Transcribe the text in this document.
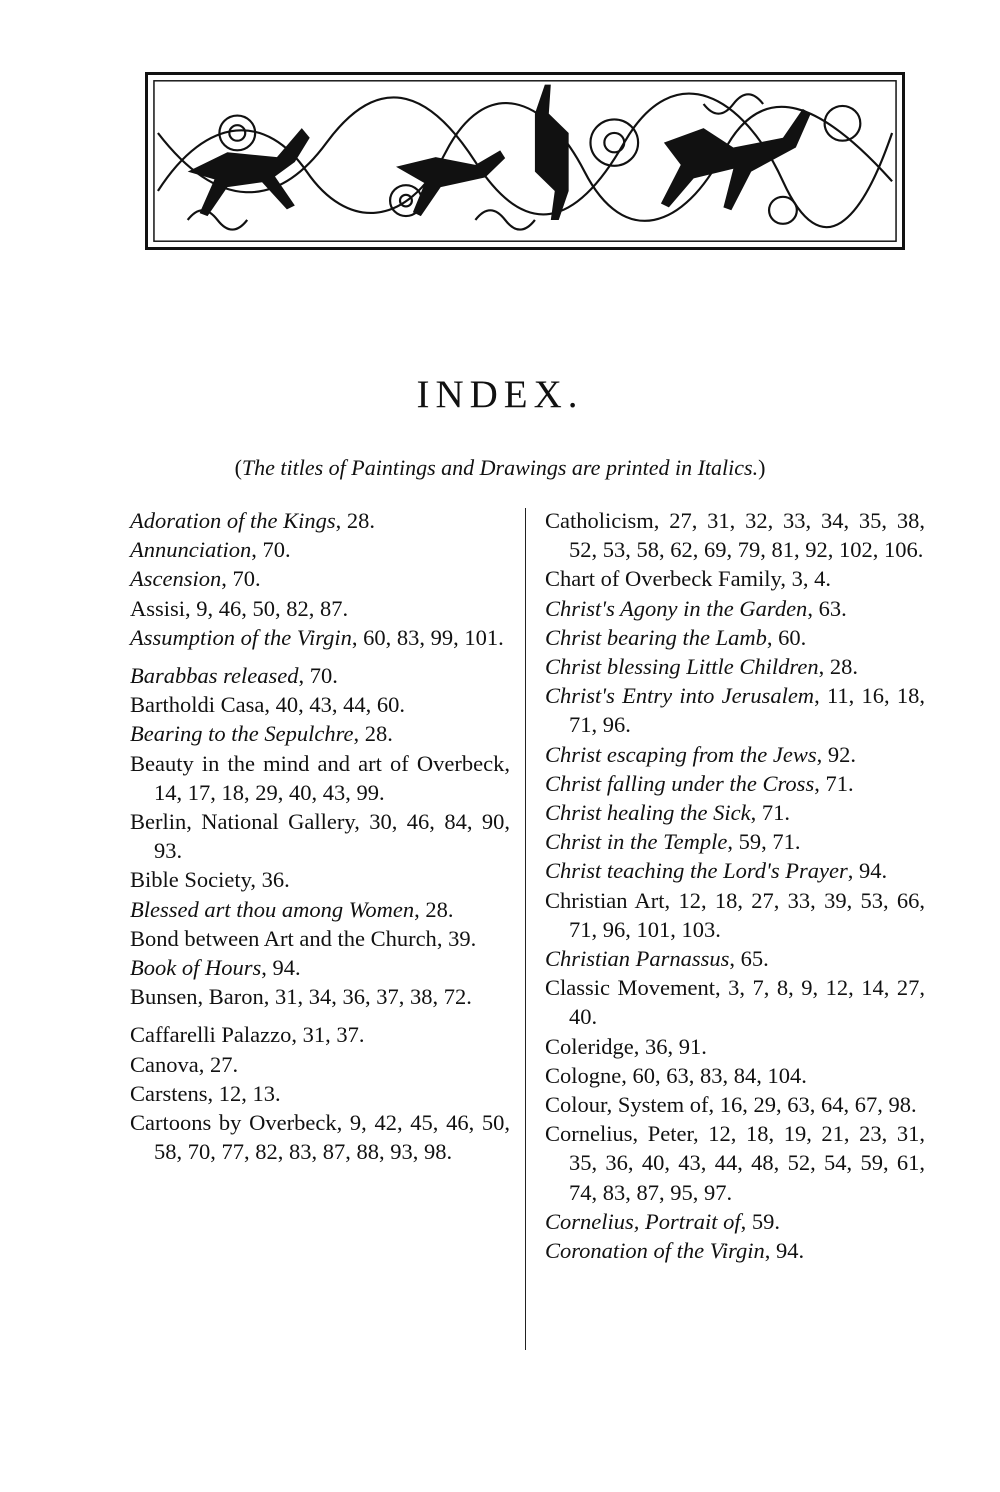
INDEX.
(The titles of Paintings and Drawings are printed in Italics.)
Adoration of the Kings, 28.
Annunciation, 70.
Ascension, 70.
Assisi, 9, 46, 50, 82, 87.
Assumption of the Virgin, 60, 83, 99, 101.
Barabbas released, 70.
Bartholdi Casa, 40, 43, 44, 60.
Bearing to the Sepulchre, 28.
Beauty in the mind and art of Overbeck, 14, 17, 18, 29, 40, 43, 99.
Berlin, National Gallery, 30, 46, 84, 90, 93.
Bible Society, 36.
Blessed art thou among Women, 28.
Bond between Art and the Church, 39.
Book of Hours, 94.
Bunsen, Baron, 31, 34, 36, 37, 38, 72.
Caffarelli Palazzo, 31, 37.
Canova, 27.
Carstens, 12, 13.
Cartoons by Overbeck, 9, 42, 45, 46, 50, 58, 70, 77, 82, 83, 87, 88, 93, 98.
Catholicism, 27, 31, 32, 33, 34, 35, 38, 52, 53, 58, 62, 69, 79, 81, 92, 102, 106.
Chart of Overbeck Family, 3, 4.
Christ's Agony in the Garden, 63.
Christ bearing the Lamb, 60.
Christ blessing Little Children, 28.
Christ's Entry into Jerusalem, 11, 16, 18, 71, 96.
Christ escaping from the Jews, 92.
Christ falling under the Cross, 71.
Christ healing the Sick, 71.
Christ in the Temple, 59, 71.
Christ teaching the Lord's Prayer, 94.
Christian Art, 12, 18, 27, 33, 39, 53, 66, 71, 96, 101, 103.
Christian Parnassus, 65.
Classic Movement, 3, 7, 8, 9, 12, 14, 27, 40.
Coleridge, 36, 91.
Cologne, 60, 63, 83, 84, 104.
Colour, System of, 16, 29, 63, 64, 67, 98.
Cornelius, Peter, 12, 18, 19, 21, 23, 31, 35, 36, 40, 43, 44, 48, 52, 54, 59, 61, 74, 83, 87, 95, 97.
Cornelius, Portrait of, 59.
Coronation of the Virgin, 94.
